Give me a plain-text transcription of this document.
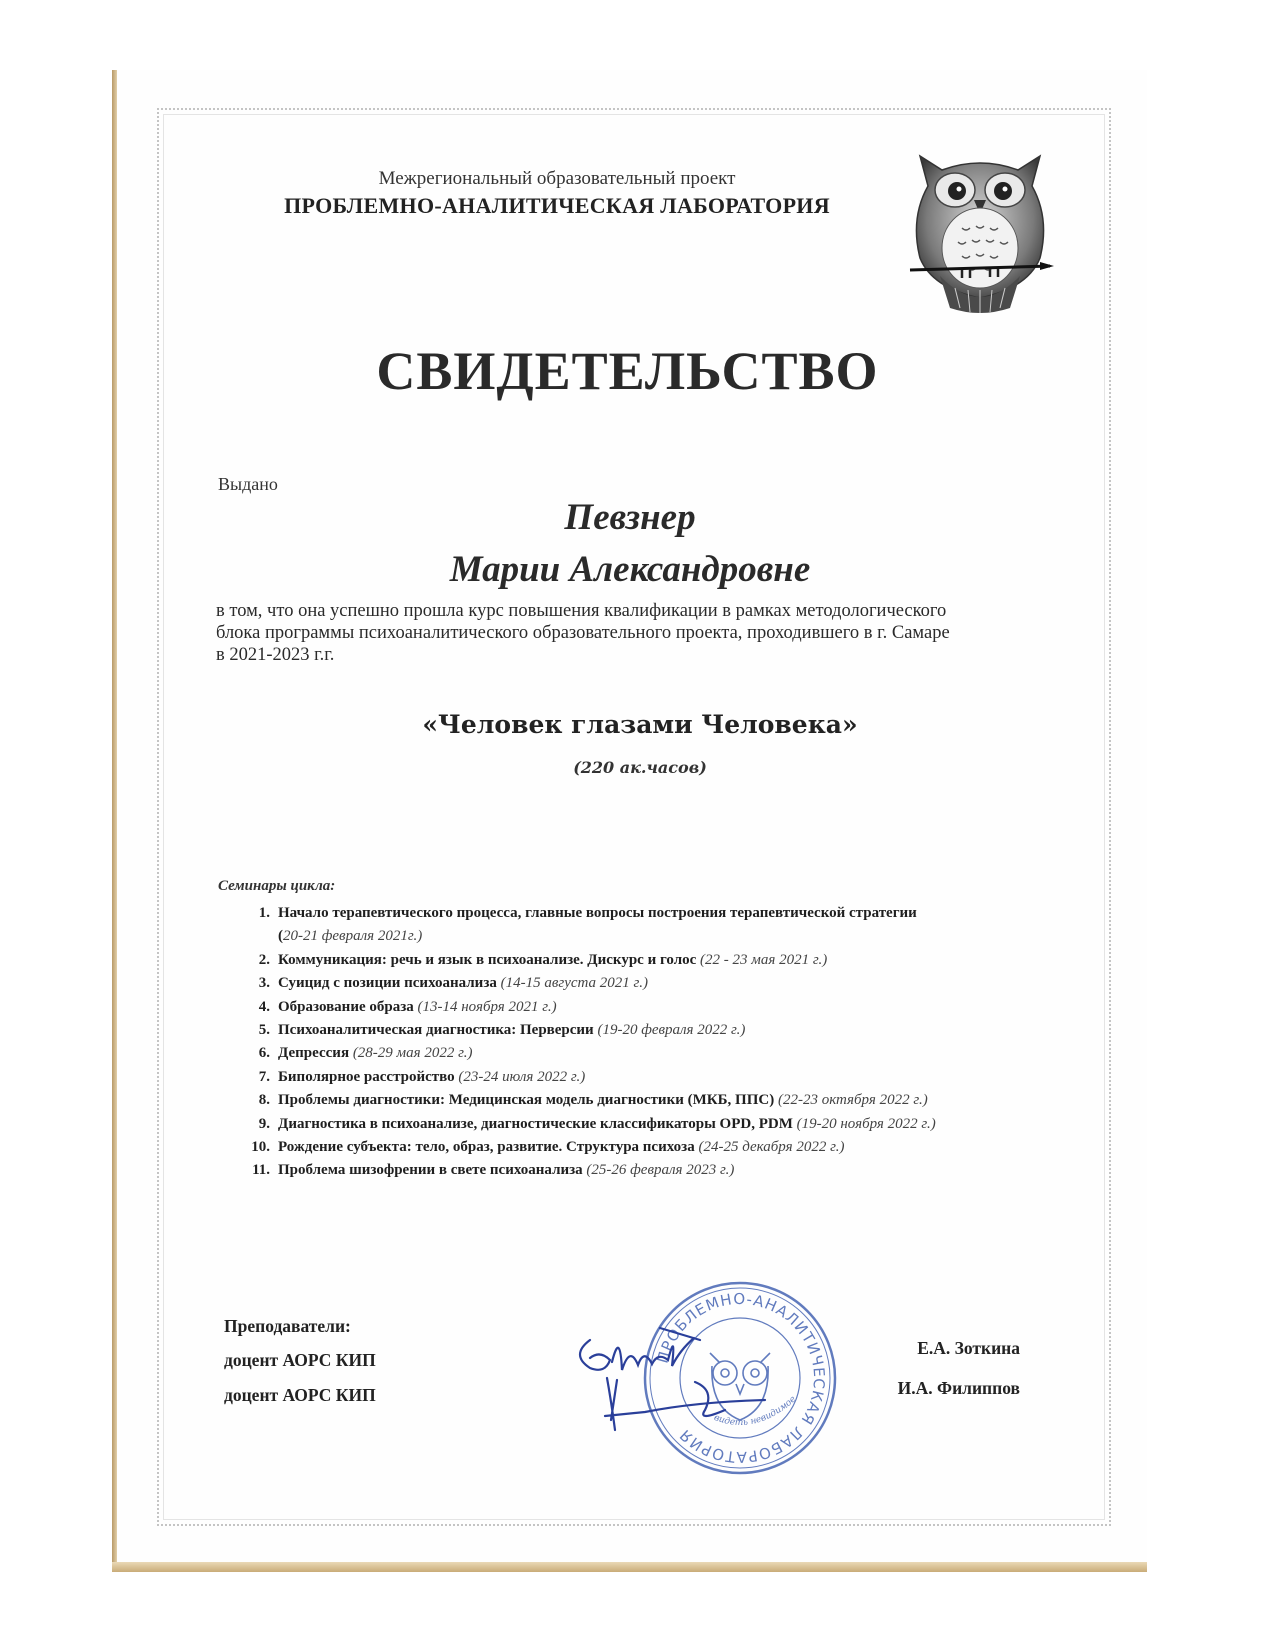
Межрегиональный образовательный проект
ПРОБЛЕМНО-АНАЛИТИЧЕСКАЯ ЛАБОРАТОРИЯ
СВИДЕТЕЛЬСТВО
Выдано
Певзнер
Марии Александровне
в том, что она успешно прошла курс повышения квалификации в рамках методологического
блока программы психоаналитического образовательного проекта, проходившего в г. Самаре
в 2021-2023 г.г.
«Человек глазами Человека»
(220 ак.часов)
Семинары цикла:
1. Начало терапевтического процесса, главные вопросы построения терапевтической стратегии
(20-21 февраля 2021г.)
2. Коммуникация: речь и язык в психоанализе. Дискурс и голос (22 - 23 мая 2021 г.)
3. Суицид с позиции психоанализа (14-15 августа 2021 г.)
4. Образование образа (13-14 ноября 2021 г.)
5. Психоаналитическая диагностика: Перверсии (19-20 февраля 2022 г.)
6. Депрессия (28-29 мая 2022 г.)
7. Биполярное расстройство (23-24 июля 2022 г.)
8. Проблемы диагностики: Медицинская модель диагностики (МКБ, ППС) (22-23 октября 2022 г.)
9. Диагностика в психоанализе, диагностические классификаторы OPD, PDM (19-20 ноября 2022 г.)
10. Рождение субъекта: тело, образ, развитие. Структура психоза (24-25 декабря 2022 г.)
11. Проблема шизофрении в свете психоанализа (25-26 февраля 2023 г.)
Преподаватели:
доцент АОРС КИП
доцент АОРС КИП
Е.А. Зоткина
И.А. Филиппов
ПРОБЛЕМНО-АНАЛИТИЧЕСКАЯ ЛАБОРАТОРИЯ
видеть невидимое
